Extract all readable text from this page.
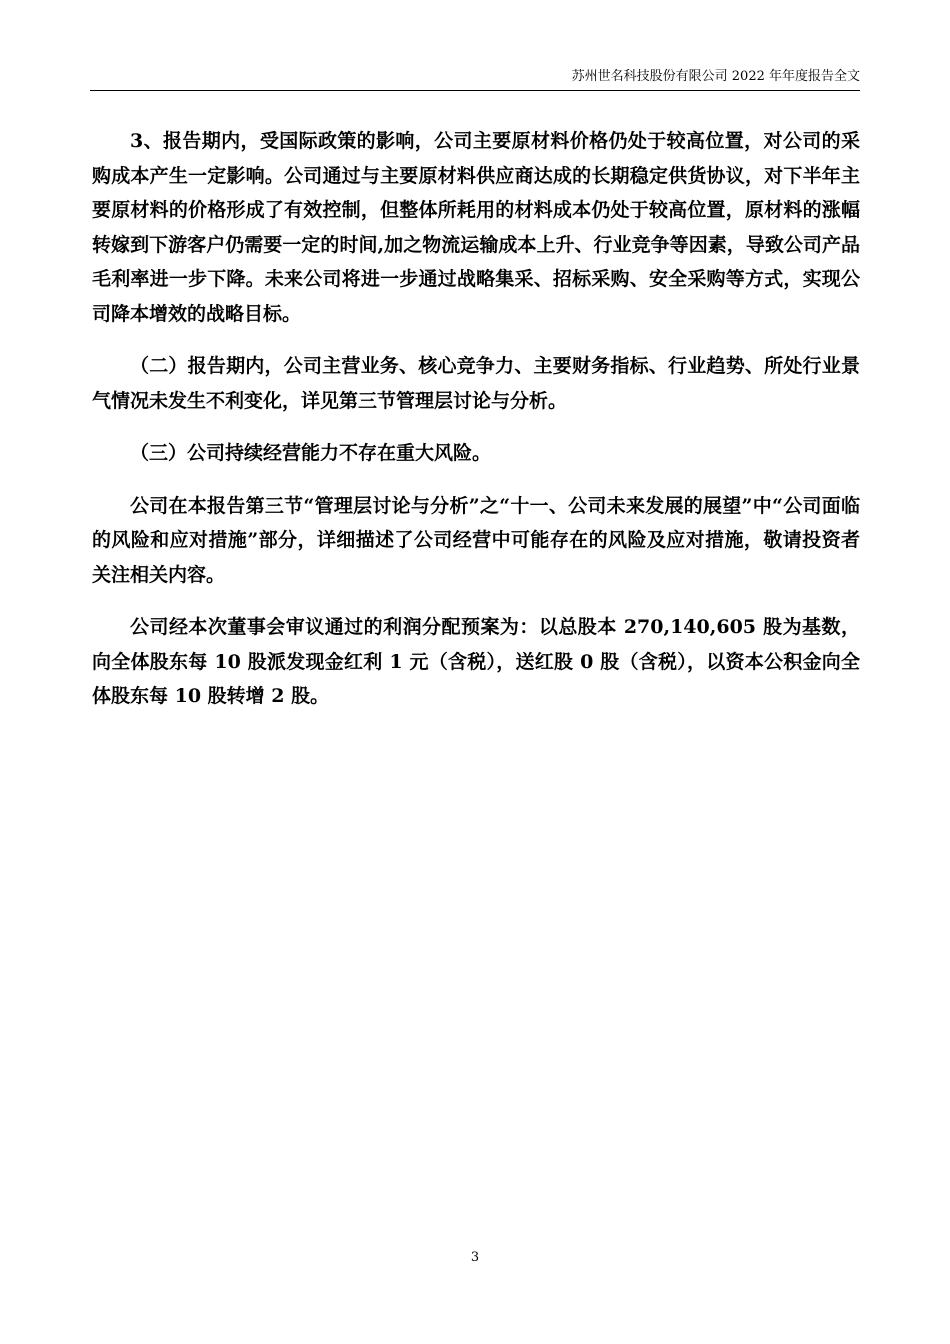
苏州世名科技股份有限公司 2022 年年度报告全文

3、报告期内，受国际政策的影响，公司主要原材料价格仍处于较高位置，对公司的采购成本产生一定影响。公司通过与主要原材料供应商达成的长期稳定供货协议，对下半年主要原材料的价格形成了有效控制，但整体所耗用的材料成本仍处于较高位置，原材料的涨幅转嫁到下游客户仍需要一定的时间,加之物流运输成本上升、行业竞争等因素，导致公司产品毛利率进一步下降。未来公司将进一步通过战略集采、招标采购、安全采购等方式，实现公司降本增效的战略目标。

（二）报告期内，公司主营业务、核心竞争力、主要财务指标、行业趋势、所处行业景气情况未发生不利变化，详见第三节管理层讨论与分析。

（三）公司持续经营能力不存在重大风险。

公司在本报告第三节“管理层讨论与分析”之“十一、公司未来发展的展望”中“公司面临的风险和应对措施”部分，详细描述了公司经营中可能存在的风险及应对措施，敬请投资者关注相关内容。

公司经本次董事会审议通过的利润分配预案为：以总股本 270,140,605 股为基数，向全体股东每 10 股派发现金红利 1 元（含税），送红股 0 股（含税），以资本公积金向全体股东每 10 股转增 2 股。

3
